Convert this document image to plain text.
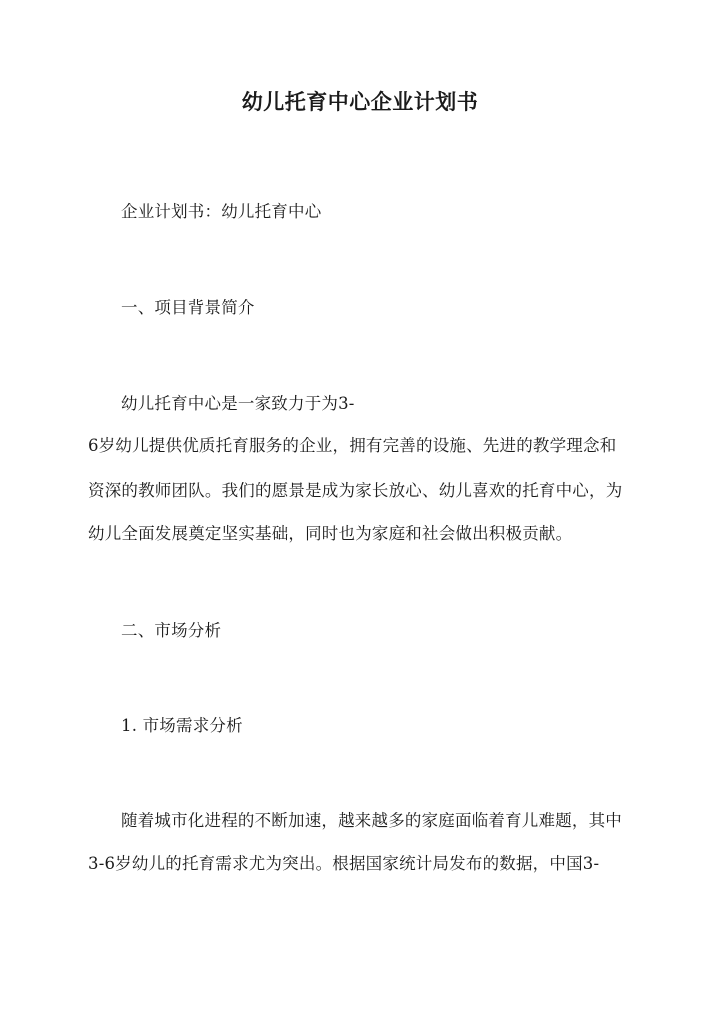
幼儿托育中心企业计划书
企业计划书：幼儿托育中心
一、项目背景简介
幼儿托育中心是一家致力于为3-
6岁幼儿提供优质托育服务的企业，拥有完善的设施、先进的教学理念和
资深的教师团队。我们的愿景是成为家长放心、幼儿喜欢的托育中心，为
幼儿全面发展奠定坚实基础，同时也为家庭和社会做出积极贡献。
二、市场分析
1. 市场需求分析
随着城市化进程的不断加速，越来越多的家庭面临着育儿难题，其中
3-6岁幼儿的托育需求尤为突出。根据国家统计局发布的数据，中国3-
